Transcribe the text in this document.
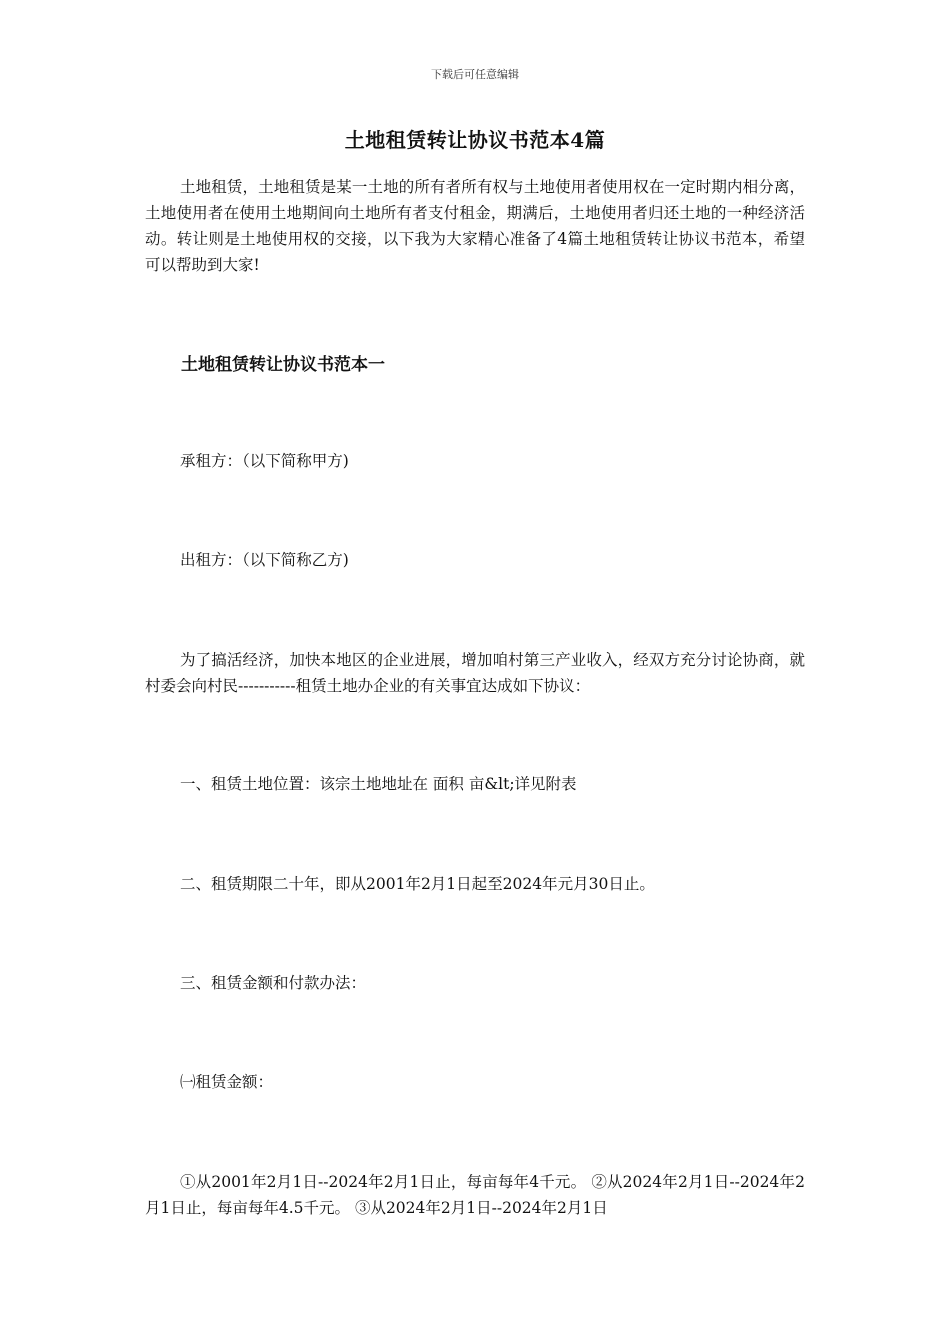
下载后可任意编辑
土地租赁转让协议书范本4篇
土地租赁，土地租赁是某一土地的所有者所有权与土地使用者使用权在一定时期内相分离，土地使用者在使用土地期间向土地所有者支付租金，期满后，土地使用者归还土地的一种经济活动。转让则是土地使用权的交接，以下我为大家精心准备了4篇土地租赁转让协议书范本，希望可以帮助到大家!
土地租赁转让协议书范本一
承租方：（以下简称甲方)
出租方：（以下简称乙方)
为了搞活经济，加快本地区的企业进展，增加咱村第三产业收入，经双方充分讨论协商，就村委会向村民-----------租赁土地办企业的有关事宜达成如下协议：
一、租赁土地位置：该宗土地地址在 面积 亩&lt;详见附表
二、租赁期限二十年，即从2001年2月1日起至2024年元月30日止。
三、租赁金额和付款办法：
㈠租赁金额：
①从2001年2月1日--2024年2月1日止，每亩每年4千元。 ②从2024年2月1日--2024年2月1日止，每亩每年4.5千元。 ③从2024年2月1日--2024年2月1日
